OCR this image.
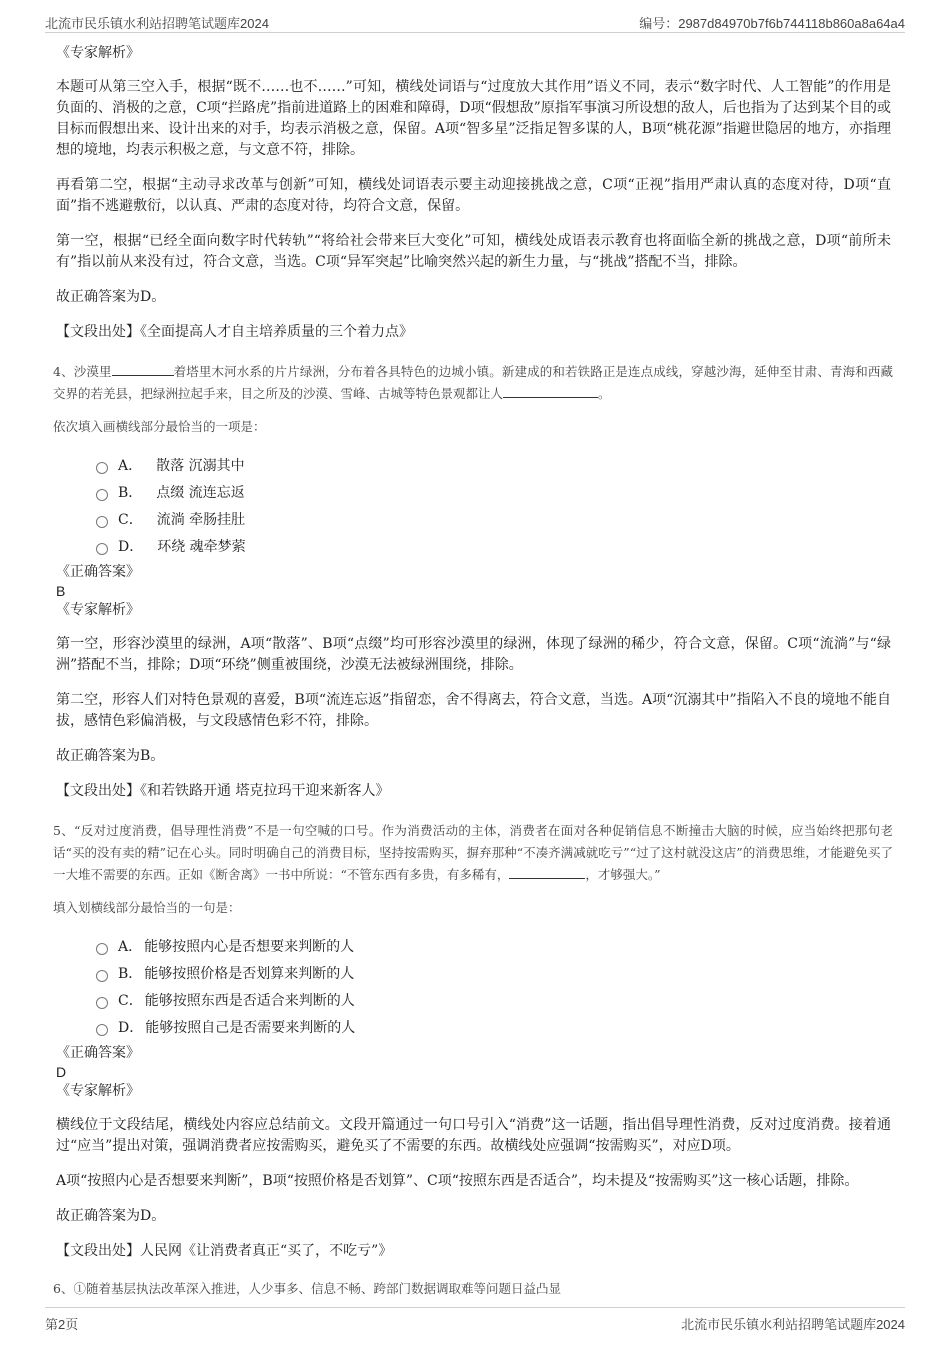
北流市民乐镇水利站招聘笔试题库2024	编号：2987d84970b7f6b744118b860a8a64a4

《专家解析》

本题可从第三空入手，根据“既不……也不……”可知，横线处词语与“过度放大其作用”语义不同，表示“数字时代、人工智能”的作用是负面的、消极的之意，C项“拦路虎”指前进道路上的困难和障碍，D项“假想敌”原指军事演习所设想的敌人，后也指为了达到某个目的或目标而假想出来、设计出来的对手，均表示消极之意，保留。A项“智多星”泛指足智多谋的人，B项“桃花源”指避世隐居的地方，亦指理想的境地，均表示积极之意，与文意不符，排除。

再看第二空，根据“主动寻求改革与创新”可知，横线处词语表示要主动迎接挑战之意，C项“正视”指用严肃认真的态度对待，D项“直面”指不逃避敷衍，以认真、严肃的态度对待，均符合文意，保留。

第一空，根据“已经全面向数字时代转轨”“将给社会带来巨大变化”可知，横线处成语表示教育也将面临全新的挑战之意，D项“前所未有”指以前从来没有过，符合文意，当选。C项“异军突起”比喻突然兴起的新生力量，与“挑战”搭配不当，排除。

故正确答案为D。

【文段出处】《全面提高人才自主培养质量的三个着力点》

4、沙漠里	着塔里木河水系的片片绿洲，分布着各具特色的边城小镇。新建成的和若铁路正是连点成线，穿越沙海，延伸至甘肃、青海和西藏交界的若羌县，把绿洲拉起手来，目之所及的沙漠、雪峰、古城等特色景观都让人	。

依次填入画横线部分最恰当的一项是：

A． 散落 沉溺其中
B． 点缀 流连忘返
C． 流淌 牵肠挂肚
D． 环绕 魂牵梦萦

《正确答案》

B

《专家解析》

第一空，形容沙漠里的绿洲，A项“散落”、B项“点缀”均可形容沙漠里的绿洲，体现了绿洲的稀少，符合文意，保留。C项“流淌”与“绿洲”搭配不当，排除；D项“环绕”侧重被围绕，沙漠无法被绿洲围绕，排除。

第二空，形容人们对特色景观的喜爱，B项“流连忘返”指留恋，舍不得离去，符合文意，当选。A项“沉溺其中”指陷入不良的境地不能自拔，感情色彩偏消极，与文段感情色彩不符，排除。

故正确答案为B。

【文段出处】《和若铁路开通 塔克拉玛干迎来新客人》

5、“反对过度消费，倡导理性消费”不是一句空喊的口号。作为消费活动的主体，消费者在面对各种促销信息不断撞击大脑的时候，应当始终把那句老话“买的没有卖的精”记在心头。同时明确自己的消费目标，坚持按需购买，摒弃那种“不凑齐满减就吃亏”“过了这村就没这店”的消费思维，才能避免买了一大堆不需要的东西。正如《断舍离》一书中所说：“不管东西有多贵，有多稀有，	，才够强大。”

填入划横线部分最恰当的一句是：

A． 能够按照内心是否想要来判断的人
B． 能够按照价格是否划算来判断的人
C． 能够按照东西是否适合来判断的人
D． 能够按照自己是否需要来判断的人

《正确答案》

D

《专家解析》

横线位于文段结尾，横线处内容应总结前文。文段开篇通过一句口号引入“消费”这一话题，指出倡导理性消费，反对过度消费。接着通过“应当”提出对策，强调消费者应按需购买，避免买了不需要的东西。故横线处应强调“按需购买”，对应D项。

A项“按照内心是否想要来判断”，B项“按照价格是否划算”、C项“按照东西是否适合”，均未提及“按需购买”这一核心话题，排除。

故正确答案为D。

【文段出处】人民网《让消费者真正“买了，不吃亏”》

6、①随着基层执法改革深入推进，人少事多、信息不畅、跨部门数据调取难等问题日益凸显

第2页	北流市民乐镇水利站招聘笔试题库2024
